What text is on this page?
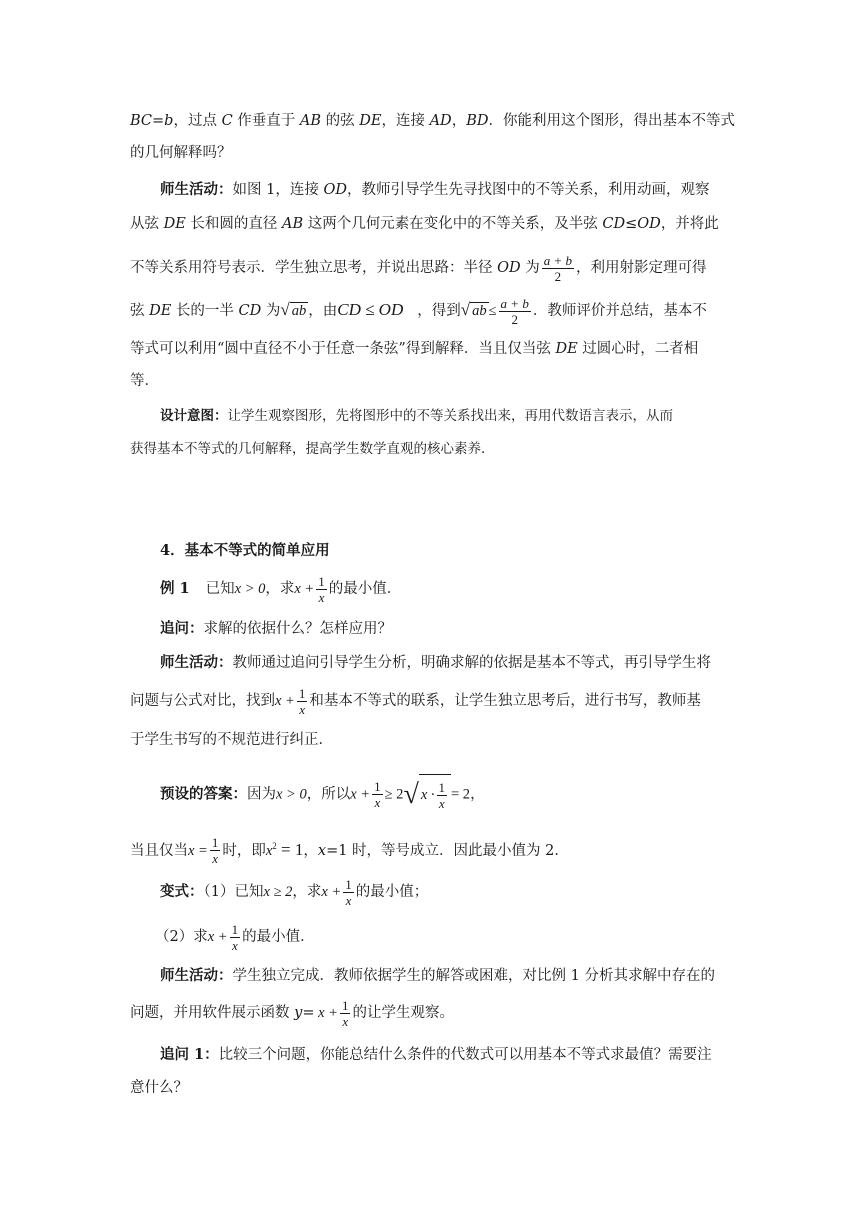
BC=b，过点 C 作垂直于 AB 的弦 DE，连接 AD，BD．你能利用这个图形，得出基本不等式
的几何解释吗？
师生活动：如图 1，连接 OD，教师引导学生先寻找图中的不等关系，利用动画，观察
从弦 DE 长和圆的直径 AB 这两个几何元素在变化中的不等关系，及半弦 CD≤OD，并将此
不等关系用符号表示．学生独立思考，并说出思路：半径 OD 为 $\frac{a + b}{2}$ ，利用射影定理可得
弦 DE 长的一半 CD 为√ ab ，由CD ≤ OD ，得到√ ab ≤ $\frac{a + b}{2}$ ．教师评价并总结，基本不
等式可以利用“圆中直径不小于任意一条弦”得到解释．当且仅当弦 DE 过圆心时，二者相
等．
设计意图：让学生观察图形，先将图形中的不等关系找出来，再用代数语言表示，从而
获得基本不等式的几何解释，提高学生数学直观的核心素养．
4．基本不等式的简单应用
例 1 已知x > 0，求$x + \frac{1}{x}$ 的最小值．
追问：求解的依据什么？怎样应用？
师生活动：教师通过追问引导学生分析，明确求解的依据是基本不等式，再引导学生将
问题与公式对比，找到$x + \frac{1}{x}$ 和基本不等式的联系，让学生独立思考后，进行书写，教师基
于学生书写的不规范进行纠正．
预设的答案：因为x > 0，所以$x + \frac{1}{x} \ge 2$ √ $x \cdot \frac{1}{x} = 2$，
当且仅当$x = \frac{1}{x}$ 时，即$x^2 = 1$，x=1 时，等号成立．因此最小值为 2．
变式：（1）已知x ≥ 2，求$x + \frac{1}{x}$ 的最小值；
（2）求$x + \frac{1}{x}$ 的最小值．
师生活动：学生独立完成．教师依据学生的解答或困难，对比例 1 分析其求解中存在的
问题，并用软件展示函数 $y= x + \frac{1}{x}$ 的让学生观察。
追问 1：比较三个问题，你能总结什么条件的代数式可以用基本不等式求最值？需要注
意什么？
